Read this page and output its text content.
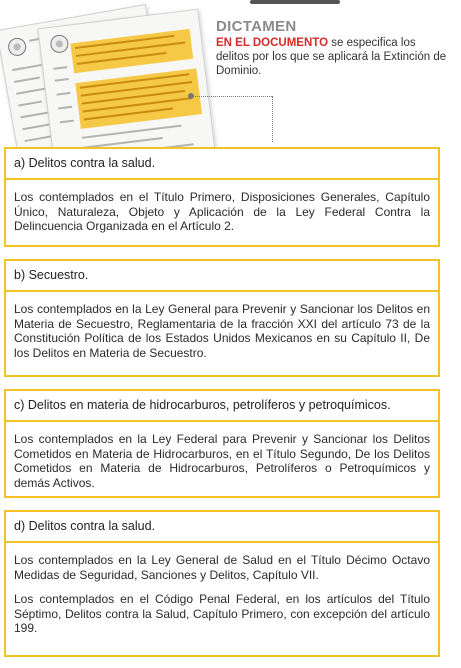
DICTAMEN
EN EL DOCUMENTO se especifica los delitos por los que se aplicará la Extinción de Dominio.
a) Delitos contra la salud.

Los contemplados en el Título Primero, Disposiciones Generales, Capítulo Único, Naturaleza, Objeto y Aplicación de la Ley Federal Contra la Delincuencia Organizada en el Artículo 2.

b) Secuestro.

Los contemplados en la Ley General para Prevenir y Sancionar los Delitos en Materia de Secuestro, Reglamentaria de la fracción XXI del artículo 73 de la Constitución Política de los Estados Unidos Mexicanos en su Capítulo II, De los Delitos en Materia de Secuestro.

c) Delitos en materia de hidrocarburos, petrolíferos y petroquímicos.

Los contemplados en la Ley Federal para Prevenir y Sancionar los Delitos Cometidos en Materia de Hidrocarburos, en el Título Segundo, De los Delitos Cometidos en Materia de Hidrocarburos, Petrolíferos o Petroquímicos y demás Activos.

d) Delitos contra la salud.

Los contemplados en la Ley General de Salud en el Título Décimo Octavo Medidas de Seguridad, Sanciones y Delitos, Capítulo VII.

Los contemplados en el Código Penal Federal, en los artículos del Título Séptimo, Delitos contra la Salud, Capítulo Primero, con excepción del artículo 199.
